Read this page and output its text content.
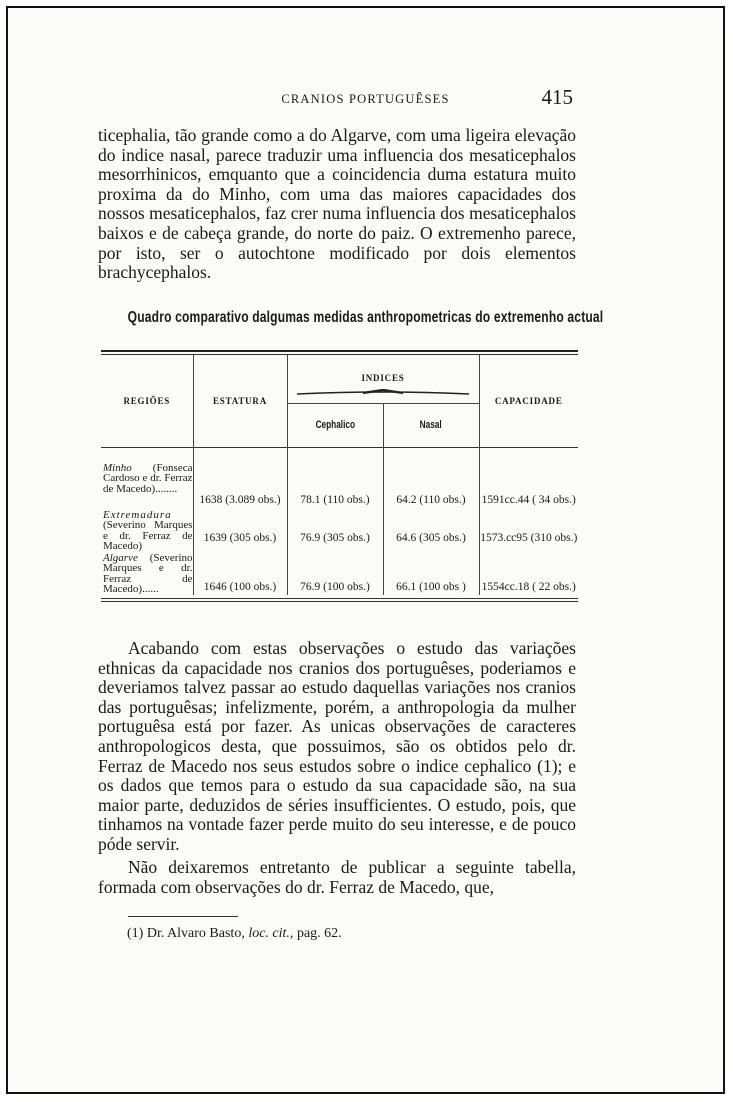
CRANIOS PORTUGUÊSES	415

ticephalia, tão grande como a do Algarve, com uma ligeira elevação do indice nasal, parece traduzir uma influencia dos mesaticephalos mesorrhinicos, emquanto que a coincidencia duma estatura muito proxima da do Minho, com uma das maiores capacidades dos nossos mesaticephalos, faz crer numa influencia dos mesaticephalos baixos e de cabeça grande, do norte do paiz. O extremenho parece, por isto, ser o autochtone modificado por dois elementos brachycephalos.

Quadro comparativo dalgumas medidas anthropometricas do extremenho actual
REGIÕES	ESTATURA	INDICES		CAPACIDADE
		Cephalico	Nasal	
Minho (Fonseca Cardoso e dr. Ferraz de Macedo)........	1638 (3.089 obs.)	78.1 (110 obs.)	64.2 (110 obs.)	1591cc.44 ( 34 obs.)
Extremadura (Severino Marques e dr. Ferraz de Macedo)	1639 (305 obs.)	76.9 (305 obs.)	64.6 (305 obs.)	1573.cc95 (310 obs.)
Algarve (Severino Marques e dr. Ferraz de Macedo)......	1646 (100 obs.)	76.9 (100 obs.)	66.1 (100 obs )	1554cc.18 ( 22 obs.)

Acabando com estas observações o estudo das variações ethnicas da capacidade nos cranios dos portuguêses, poderiamos e deveriamos talvez passar ao estudo daquellas variações nos cranios das portuguêsas; infelizmente, porém, a anthropologia da mulher portuguêsa está por fazer. As unicas observações de caracteres anthropologicos desta, que possuimos, são os obtidos pelo dr. Ferraz de Macedo nos seus estudos sobre o indice cephalico (1); e os dados que temos para o estudo da sua capacidade são, na sua maior parte, deduzidos de séries insufficientes. O estudo, pois, que tinhamos na vontade fazer perde muito do seu interesse, e de pouco póde servir.

Não deixaremos entretanto de publicar a seguinte tabella, formada com observações do dr. Ferraz de Macedo, que,

(1) Dr. Alvaro Basto, loc. cit., pag. 62.
